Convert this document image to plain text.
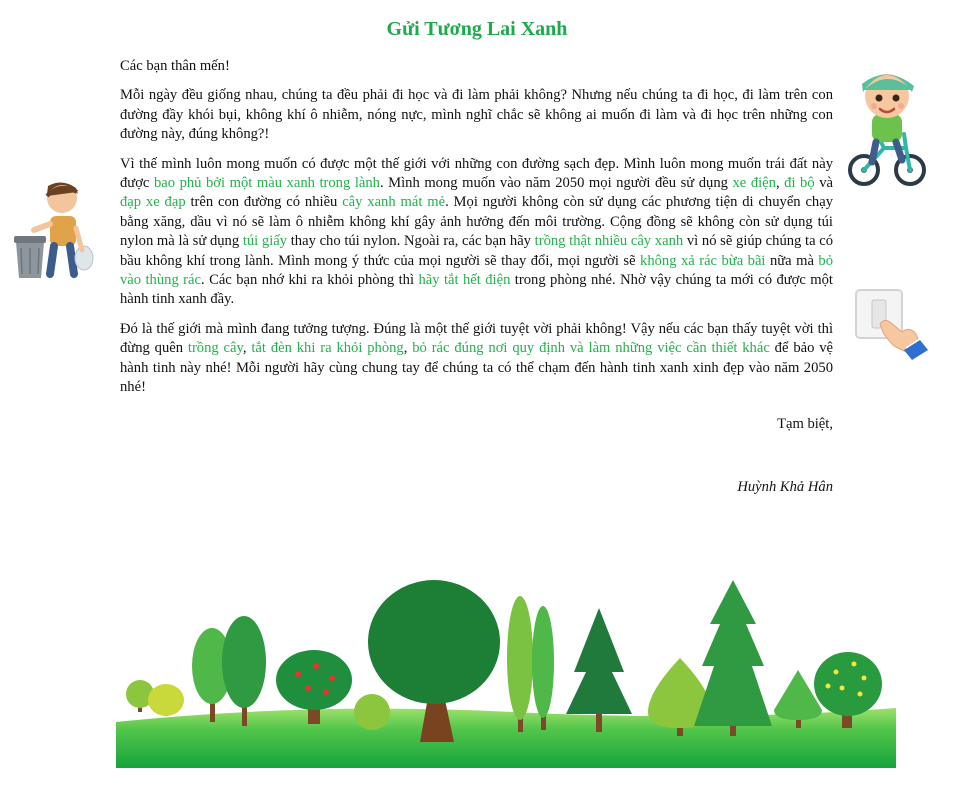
Gửi Tương Lai Xanh

Các bạn thân mến!

Mỗi ngày đều giống nhau, chúng ta đều phải đi học và đi làm phải không? Nhưng nếu chúng ta đi học, đi làm trên con đường đầy khói bụi, không khí ô nhiễm, nóng nực, mình nghĩ chắc sẽ không ai muốn đi làm và đi học trên những con đường này, đúng không?!

Vì thế mình luôn mong muốn có được một thế giới với những con đường sạch đẹp. Mình luôn mong muốn trái đất này được bao phủ bởi một màu xanh trong lành. Mình mong muốn vào năm 2050 mọi người đều sử dụng xe điện, đi bộ và đạp xe đạp trên con đường có nhiều cây xanh mát mẻ. Mọi người không còn sử dụng các phương tiện di chuyển chạy bằng xăng, dầu vì nó sẽ làm ô nhiễm không khí gây ảnh hưởng đến môi trường. Cộng đồng sẽ không còn sử dụng túi nylon mà là sử dụng túi giấy thay cho túi nylon. Ngoài ra, các bạn hãy trồng thật nhiều cây xanh vì nó sẽ giúp chúng ta có bầu không khí trong lành. Mình mong ý thức của mọi người sẽ thay đổi, mọi người sẽ không xả rác bừa bãi nữa mà bỏ vào thùng rác. Các bạn nhớ khi ra khỏi phòng thì hãy tắt hết điện trong phòng nhé. Nhờ vậy chúng ta mới có được một hành tinh xanh đầy.

Đó là thế giới mà mình đang tưởng tượng. Đúng là một thế giới tuyệt vời phải không! Vậy nếu các bạn thấy tuyệt vời thì đừng quên trồng cây, tắt đèn khi ra khỏi phòng, bỏ rác đúng nơi quy định và làm những việc cần thiết khác để bảo vệ hành tinh này nhé! Mỗi người hãy cùng chung tay để chúng ta có thể chạm đến hành tinh xanh xinh đẹp vào năm 2050 nhé!

Tạm biệt,
Huỳnh Khả Hân
